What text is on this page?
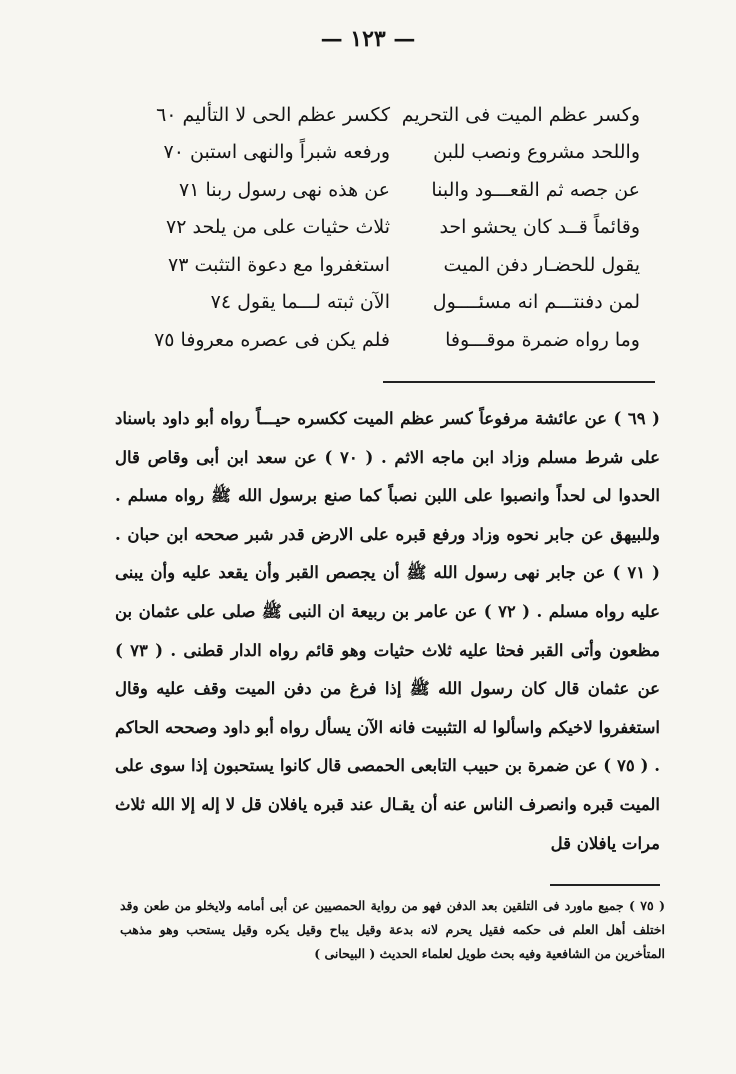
— ١٢٣ —
وكسر عظم الميت فى التحريم
ككسر عظم الحى لا التأليم ٦٠
واللحد مشروع ونصب للبن
ورفعه شبراً والنهى استبن ٧٠
عن جصه ثم القعـــود والبنا
عن هذه نهى رسول ربنا ٧١
وقائماً قــد كان يحشو احد
ثلاث حثيات على من يلحد ٧٢
يقول للحضـار دفن الميت
استغفروا مع دعوة التثبت ٧٣
لمن دفنتـــم انه مسئــــول
الآن ثبته لـــما يقول ٧٤
وما رواه ضمرة موقـــوفا
فلم يكن فى عصره معروفا ٧٥
( ٦٩ ) عن عائشة مرفوعاً كسر عظم الميت ككسره حيـــاً رواه أبو داود باسناد على شرط مسلم وزاد ابن ماجه الاثم . ( ٧٠ ) عن سعد ابن أبى وقاص قال الحدوا لى لحداً وانصبوا على اللبن نصباً كما صنع برسول الله ﷺ رواه مسلم . وللبيهق عن جابر نحوه وزاد ورفع قبره على الارض قدر شبر صححه ابن حبان . ( ٧١ ) عن جابر نهى رسول الله ﷺ أن يجصص القبر وأن يقعد عليه وأن يبنى عليه رواه مسلم . ( ٧٢ ) عن عامر بن ربيعة ان النبى ﷺ صلى على عثمان بن مظعون وأتى القبر فحثا عليه ثلاث حثيات وهو قائم رواه الدار قطنى . ( ٧٣ ) عن عثمان قال كان رسول الله ﷺ إذا فرغ من دفن الميت وقف عليه وقال استغفروا لاخيكم واسألوا له التثبيت فانه الآن يسأل رواه أبو داود وصححه الحاكم . ( ٧٥ ) عن ضمرة بن حبيب التابعى الحمصى قال كانوا يستحبون إذا سوى على الميت قبره وانصرف الناس عنه أن يقـال عند قبره يافلان قل لا إله إلا الله ثلاث مرات يافلان قل
( ٧٥ ) جميع ماورد فى التلقين بعد الدفن فهو من رواية الحمصيين عن أبى أمامه ولايخلو من طعن وقد اختلف أهل العلم فى حكمه فقيل يحرم لانه بدعة وقيل يباح وقيل يكره وقيل يستحب وهو مذهب المتأخرين من الشافعية وفيه بحث طويل لعلماء الحديث ( البيحانى )
